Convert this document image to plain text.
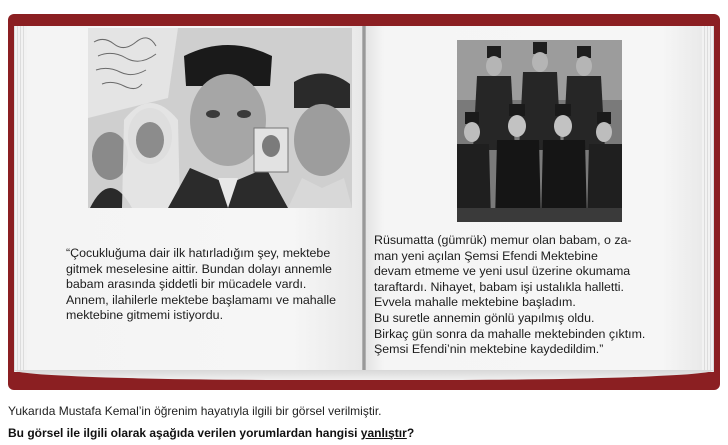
“Çocukluğuma dair ilk hatırladığım şey, mektebe
gitmek meselesine aittir. Bundan dolayı annemle
babam arasında şiddetli bir mücadele vardı.
Annem, ilahilerle mektebe başlamamı ve mahalle
mektebine gitmemi istiyordu.
Rüsumatta (gümrük) memur olan babam, o za-
man yeni açılan Şemsi Efendi Mektebine
devam etmeme ve yeni usul üzerine okumama
taraftardı. Nihayet, babam işi ustalıkla halletti.
Evvela mahalle mektebine başladım.
Bu suretle annemin gönlü yapılmış oldu.
Birkaç gün sonra da mahalle mektebinden çıktım.
Şemsi Efendi’nin mektebine kaydedildim.”
Yukarıda Mustafa Kemal’in öğrenim hayatıyla ilgili bir görsel verilmiştir.
Bu görsel ile ilgili olarak aşağıda verilen yorumlardan hangisi yanlıştır?
